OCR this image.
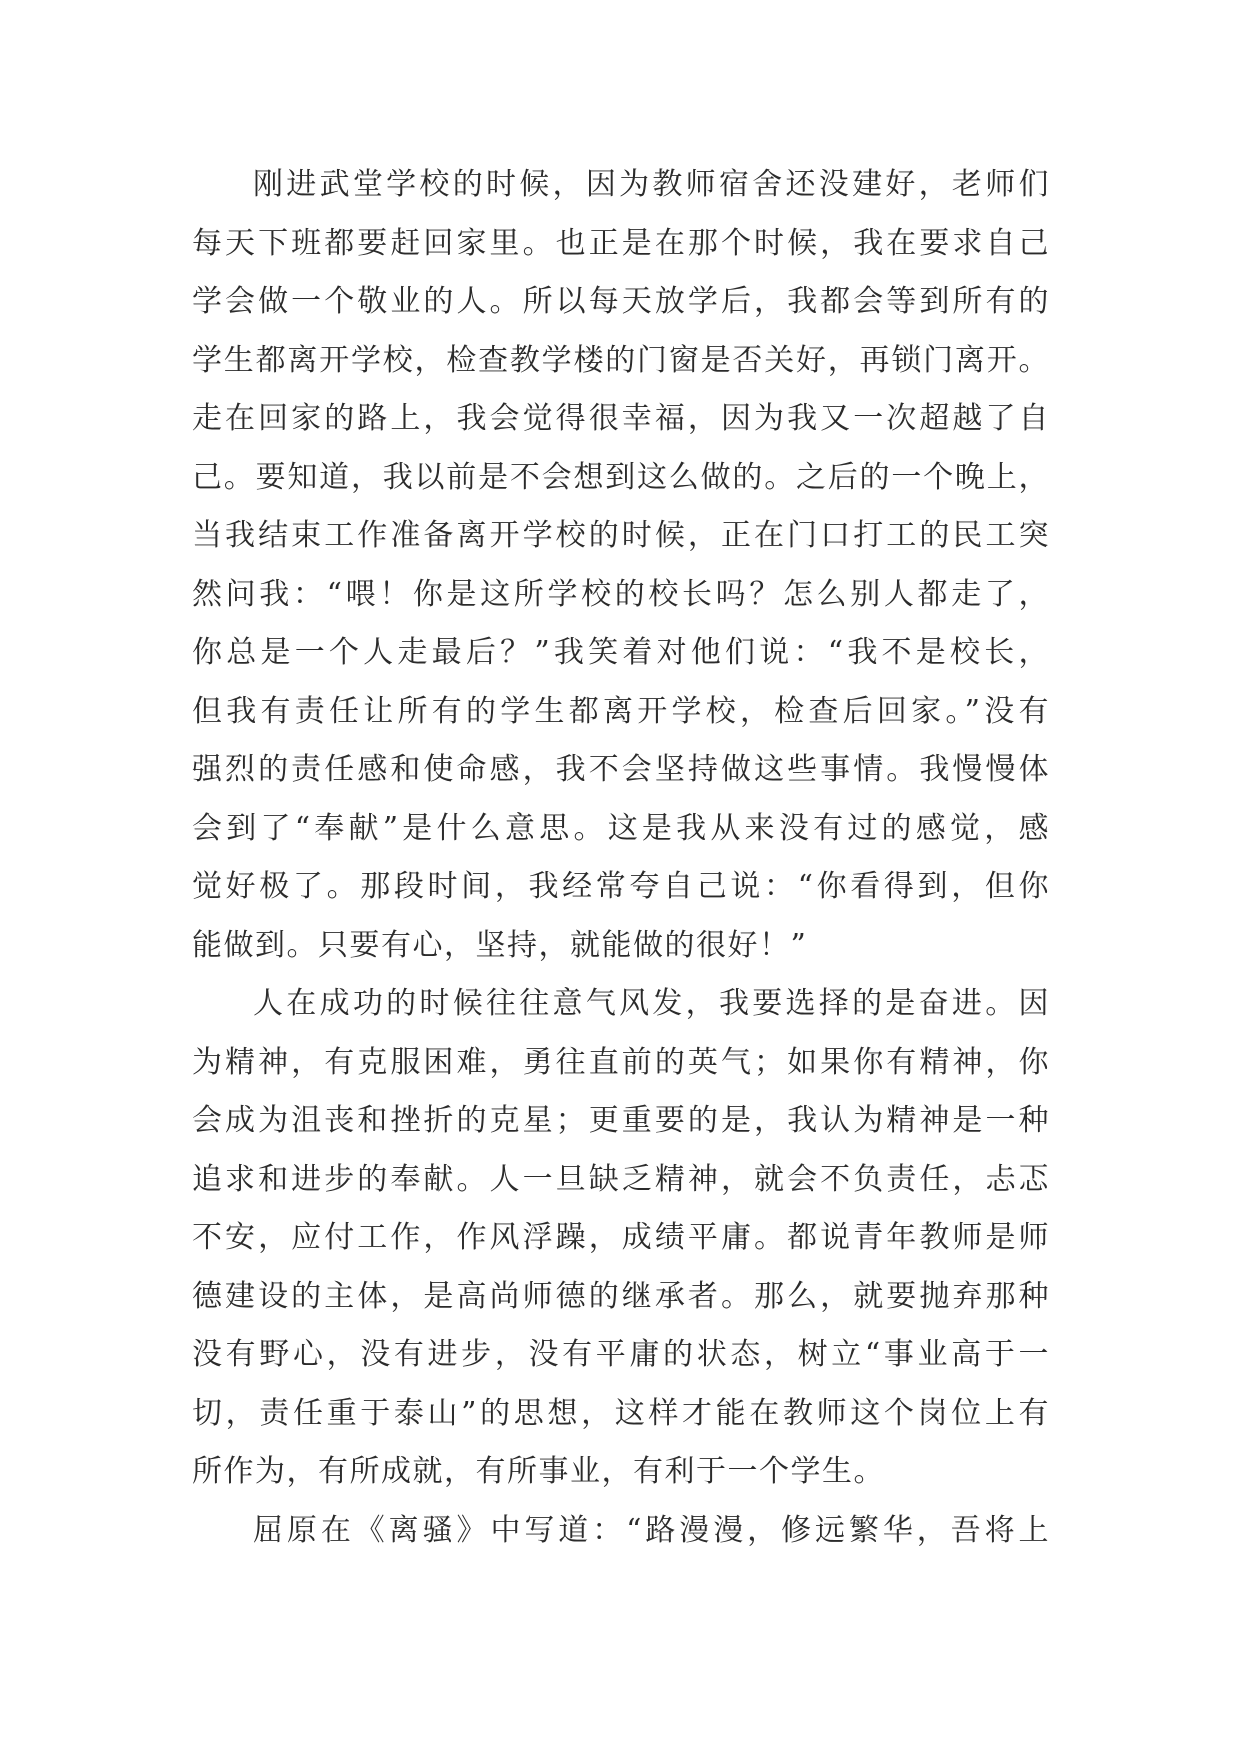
刚进武堂学校的时候，因为教师宿舍还没建好，老师们
每天下班都要赶回家里。也正是在那个时候，我在要求自己
学会做一个敬业的人。所以每天放学后，我都会等到所有的
学生都离开学校，检查教学楼的门窗是否关好，再锁门离开。
走在回家的路上，我会觉得很幸福，因为我又一次超越了自
己。要知道，我以前是不会想到这么做的。之后的一个晚上，
当我结束工作准备离开学校的时候，正在门口打工的民工突
然问我：“喂！你是这所学校的校长吗？怎么别人都走了，
你总是一个人走最后？”我笑着对他们说：“我不是校长，
但我有责任让所有的学生都离开学校，检查后回家。”没有
强烈的责任感和使命感，我不会坚持做这些事情。我慢慢体
会到了“奉献”是什么意思。这是我从来没有过的感觉，感
觉好极了。那段时间，我经常夸自己说：“你看得到，但你
能做到。只要有心，坚持，就能做的很好！”
人在成功的时候往往意气风发，我要选择的是奋进。因
为精神，有克服困难，勇往直前的英气；如果你有精神，你
会成为沮丧和挫折的克星；更重要的是，我认为精神是一种
追求和进步的奉献。人一旦缺乏精神，就会不负责任，忐忑
不安，应付工作，作风浮躁，成绩平庸。都说青年教师是师
德建设的主体，是高尚师德的继承者。那么，就要抛弃那种
没有野心，没有进步，没有平庸的状态，树立“事业高于一
切，责任重于泰山”的思想，这样才能在教师这个岗位上有
所作为，有所成就，有所事业，有利于一个学生。
屈原在《离骚》中写道：“路漫漫，修远繁华，吾将上
